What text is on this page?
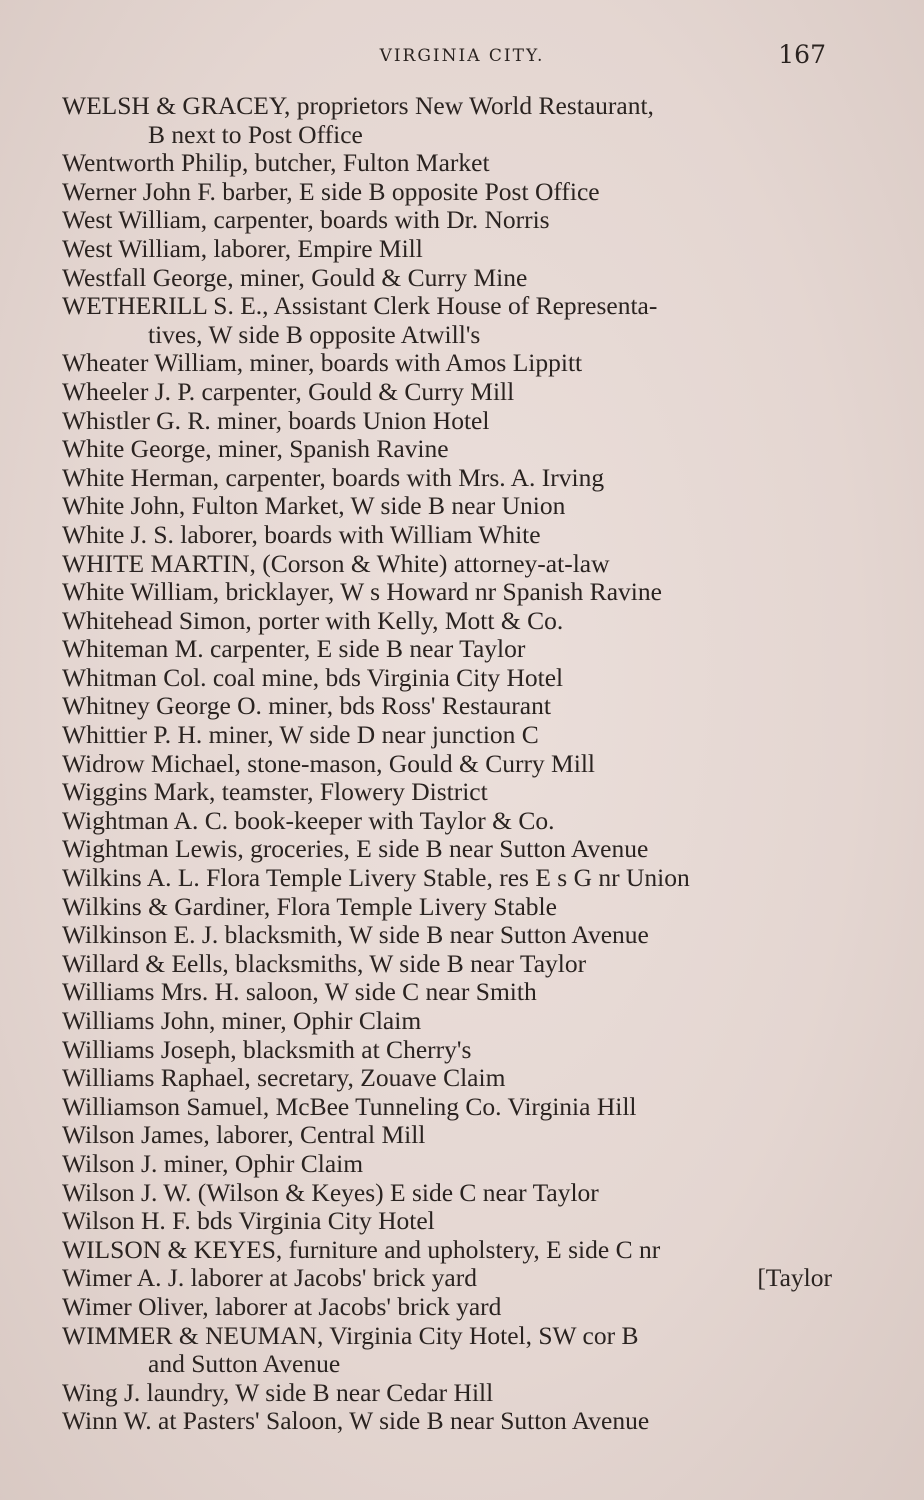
VIRGINIA CITY.	167
WELSH & GRACEY, proprietors New World Restaurant,
B next to Post Office
Wentworth Philip, butcher, Fulton Market
Werner John F. barber, E side B opposite Post Office
West William, carpenter, boards with Dr. Norris
West William, laborer, Empire Mill
Westfall George, miner, Gould & Curry Mine
WETHERILL S. E., Assistant Clerk House of Representa-
tives, W side B opposite Atwill's
Wheater William, miner, boards with Amos Lippitt
Wheeler J. P. carpenter, Gould & Curry Mill
Whistler G. R. miner, boards Union Hotel
White George, miner, Spanish Ravine
White Herman, carpenter, boards with Mrs. A. Irving
White John, Fulton Market, W side B near Union
White J. S. laborer, boards with William White
WHITE MARTIN, (Corson & White) attorney-at-law
White William, bricklayer, W s Howard nr Spanish Ravine
Whitehead Simon, porter with Kelly, Mott & Co.
Whiteman M. carpenter, E side B near Taylor
Whitman Col. coal mine, bds Virginia City Hotel
Whitney George O. miner, bds Ross' Restaurant
Whittier P. H. miner, W side D near junction C
Widrow Michael, stone-mason, Gould & Curry Mill
Wiggins Mark, teamster, Flowery District
Wightman A. C. book-keeper with Taylor & Co.
Wightman Lewis, groceries, E side B near Sutton Avenue
Wilkins A. L. Flora Temple Livery Stable, res E s G nr Union
Wilkins & Gardiner, Flora Temple Livery Stable
Wilkinson E. J. blacksmith, W side B near Sutton Avenue
Willard & Eells, blacksmiths, W side B near Taylor
Williams Mrs. H. saloon, W side C near Smith
Williams John, miner, Ophir Claim
Williams Joseph, blacksmith at Cherry's
Williams Raphael, secretary, Zouave Claim
Williamson Samuel, McBee Tunneling Co. Virginia Hill
Wilson James, laborer, Central Mill
Wilson J. miner, Ophir Claim
Wilson J. W. (Wilson & Keyes) E side C near Taylor
Wilson H. F. bds Virginia City Hotel
WILSON & KEYES, furniture and upholstery, E side C nr
Wimer A. J. laborer at Jacobs' brick yard	[Taylor
Wimer Oliver, laborer at Jacobs' brick yard
WIMMER & NEUMAN, Virginia City Hotel, SW cor B
and Sutton Avenue
Wing J. laundry, W side B near Cedar Hill
Winn W. at Pasters' Saloon, W side B near Sutton Avenue
